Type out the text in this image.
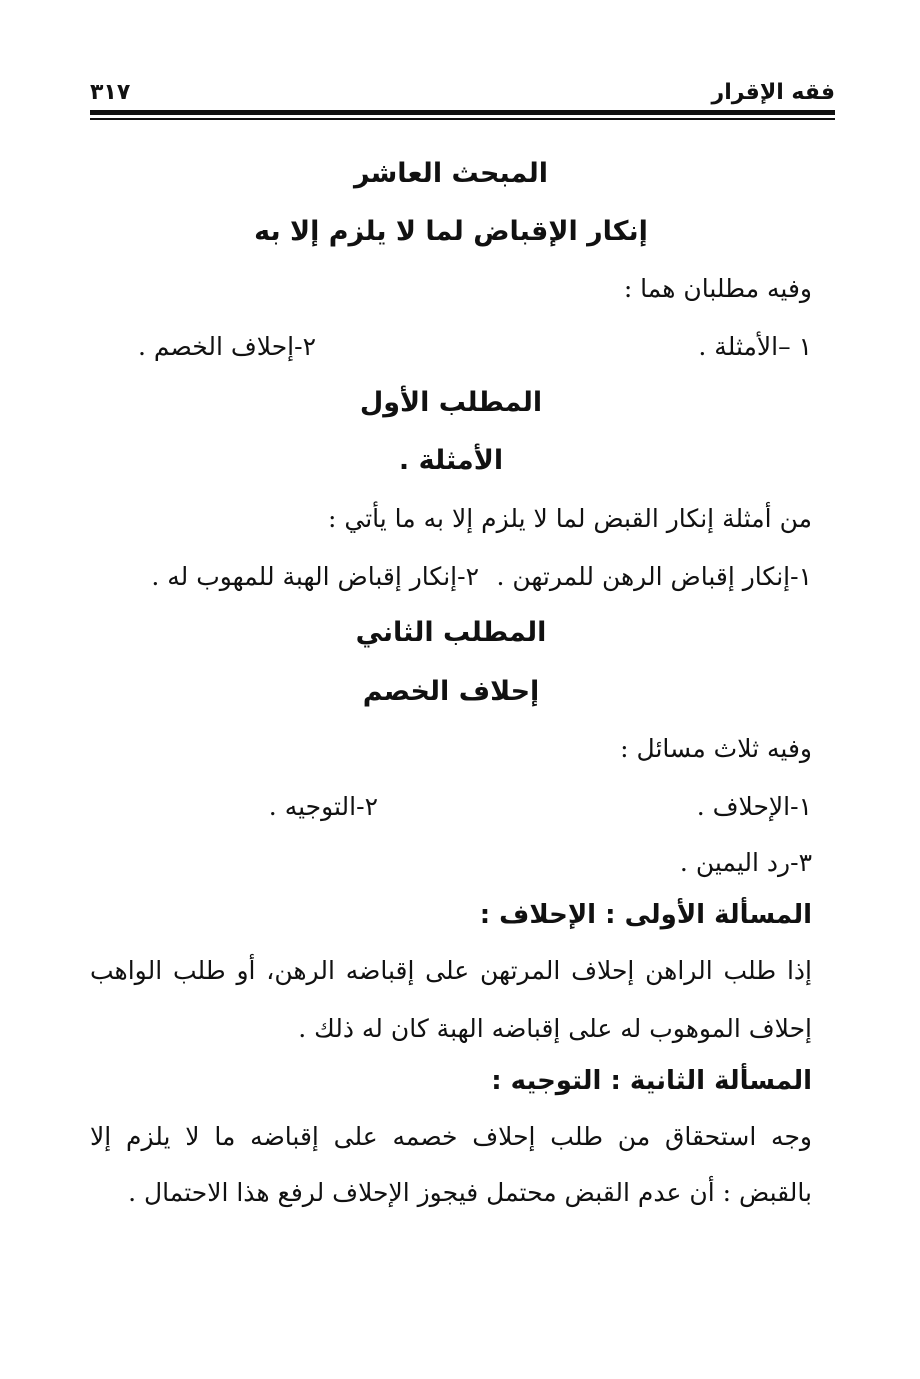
فقه الإقرار
٣١٧
المبحث العاشر
إنكار الإقباض لما لا يلزم إلا به
وفيه مطلبان هما :
١ –الأمثلة .
٢-إحلاف الخصم .
المطلب الأول
الأمثلة .
من أمثلة إنكار القبض لما لا يلزم إلا به ما يأتي :
١-إنكار إقباض الرهن للمرتهن .
٢-إنكار إقباض الهبة للمهوب له .
المطلب الثاني
إحلاف الخصم
وفيه ثلاث مسائل :
١-الإحلاف .
٢-التوجيه .
٣-رد اليمين .
المسألة الأولى : الإحلاف :
إذا طلب الراهن إحلاف المرتهن على إقباضه الرهن، أو طلب الواهب
إحلاف الموهوب له على إقباضه الهبة كان له ذلك .
المسألة الثانية : التوجيه :
وجه استحقاق من طلب إحلاف خصمه على إقباضه ما لا يلزم إلا
بالقبض : أن عدم القبض محتمل فيجوز الإحلاف لرفع هذا الاحتمال .
